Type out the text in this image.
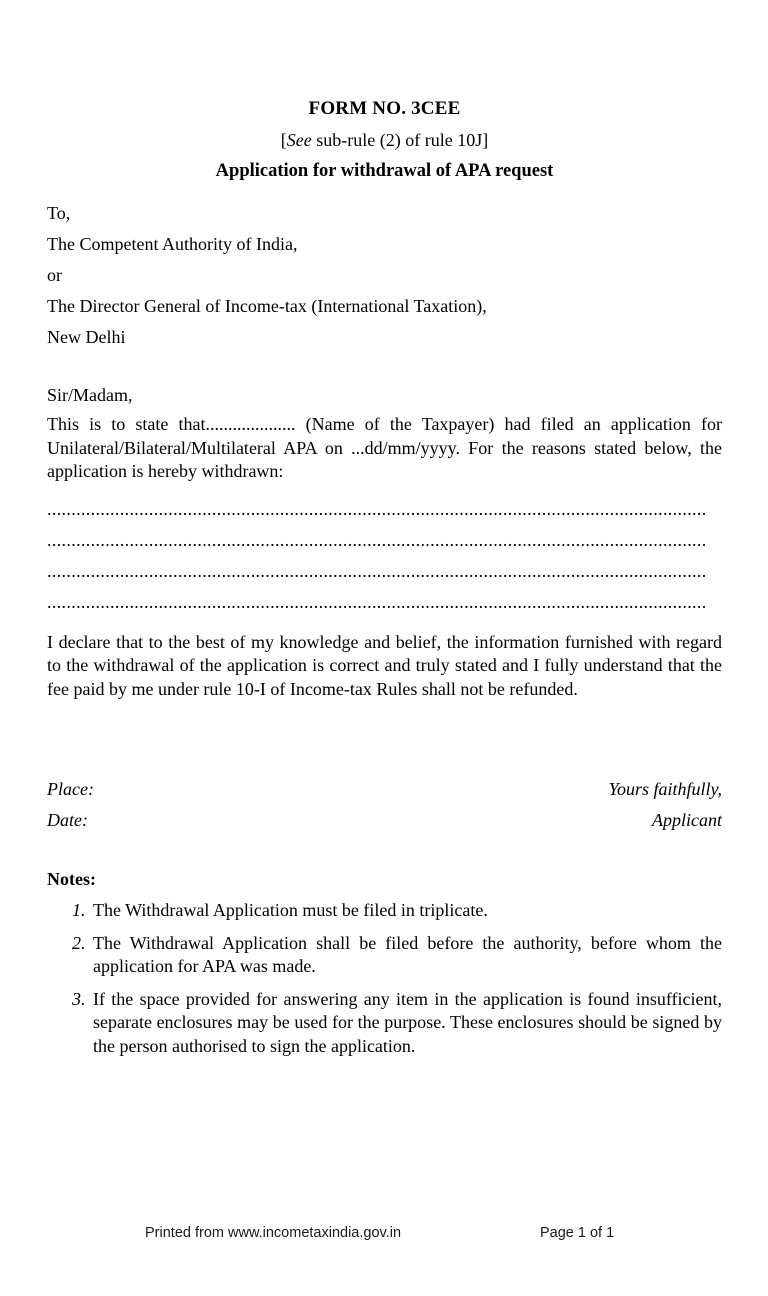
FORM NO. 3CEE
[See sub-rule (2) of rule 10J]
Application for withdrawal of APA request
To,
The Competent Authority of India,
or
The Director General of Income-tax (International Taxation),
New Delhi
Sir/Madam,
This is to state that.................... (Name of the Taxpayer) had filed an application for Unilateral/Bilateral/Multilateral APA on ...dd/mm/yyyy. For the reasons stated below, the application is hereby withdrawn:
........................................................................................................................................
........................................................................................................................................
........................................................................................................................................
........................................................................................................................................
I declare that to the best of my knowledge and belief, the information furnished with regard to the withdrawal of the application is correct and truly stated and I fully understand that the fee paid by me under rule 10-I of Income-tax Rules shall not be refunded.
Place:	Yours faithfully,
Date:	Applicant
Notes:
1. The Withdrawal Application must be filed in triplicate.
2. The Withdrawal Application shall be filed before the authority, before whom the application for APA was made.
3. If the space provided for answering any item in the application is found insufficient, separate enclosures may be used for the purpose. These enclosures should be signed by the person authorised to sign the application.
Printed from www.incometaxindia.gov.in	Page 1 of 1
